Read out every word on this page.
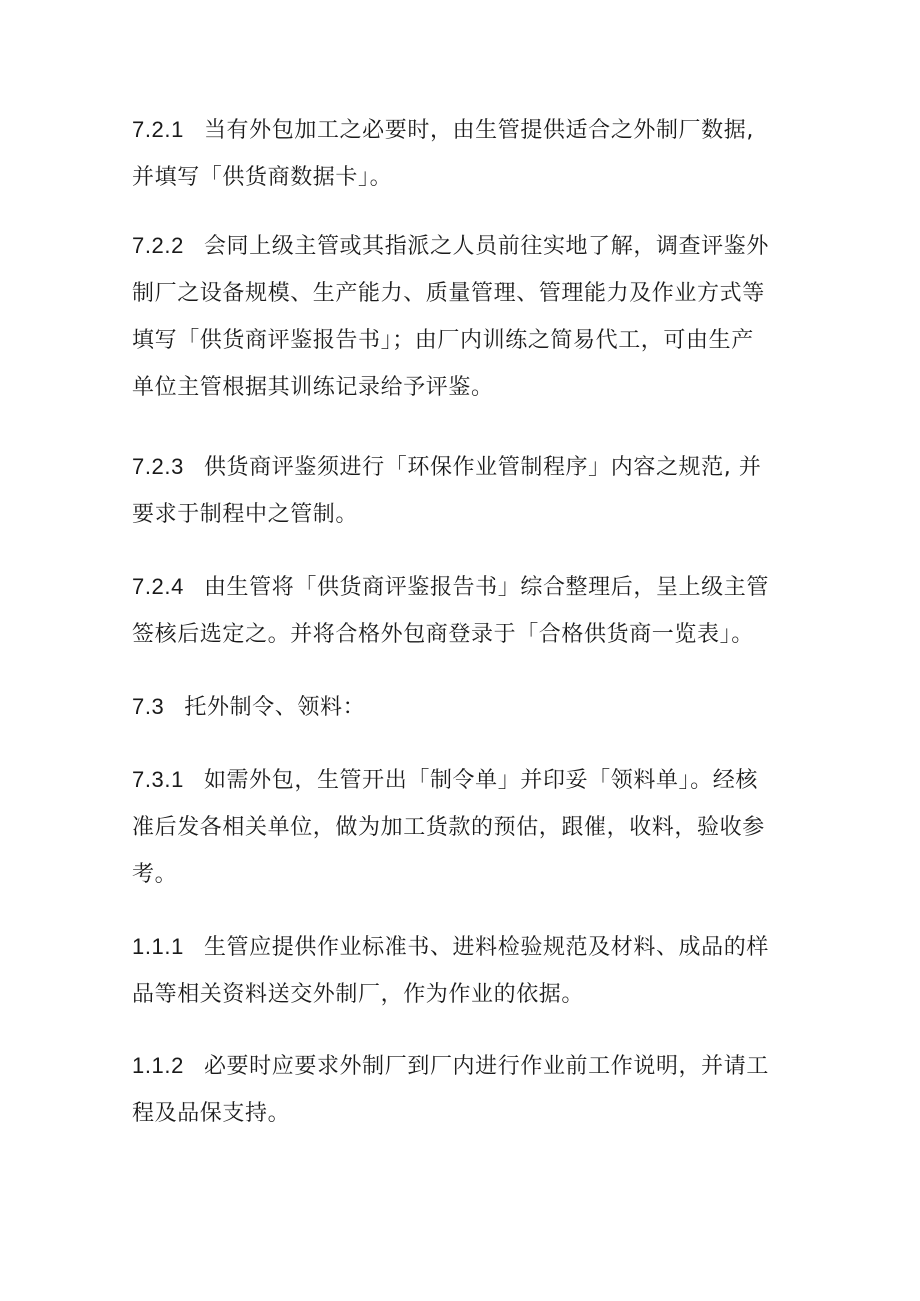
7.2.1 当有外包加工之必要时，由生管提供适合之外制厂数据,
并填写「供货商数据卡」。
7.2.2 会同上级主管或其指派之人员前往实地了解，调查评鉴外
制厂之设备规模、生产能力、质量管理、管理能力及作业方式等
填写「供货商评鉴报告书」；由厂内训练之简易代工，可由生产
单位主管根据其训练记录给予评鉴。
7.2.3 供货商评鉴须进行「环保作业管制程序」内容之规范, 并
要求于制程中之管制。
7.2.4 由生管将「供货商评鉴报告书」综合整理后，呈上级主管
签核后选定之。并将合格外包商登录于「合格供货商一览表」。
7.3 托外制令、领料：
7.3.1 如需外包，生管开出「制令单」并印妥「领料单」。经核
准后发各相关单位，做为加工货款的预估，跟催，收料，验收参
考。
1.1.1 生管应提供作业标准书、进料检验规范及材料、成品的样
品等相关资料送交外制厂，作为作业的依据。
1.1.2 必要时应要求外制厂到厂内进行作业前工作说明，并请工
程及品保支持。
